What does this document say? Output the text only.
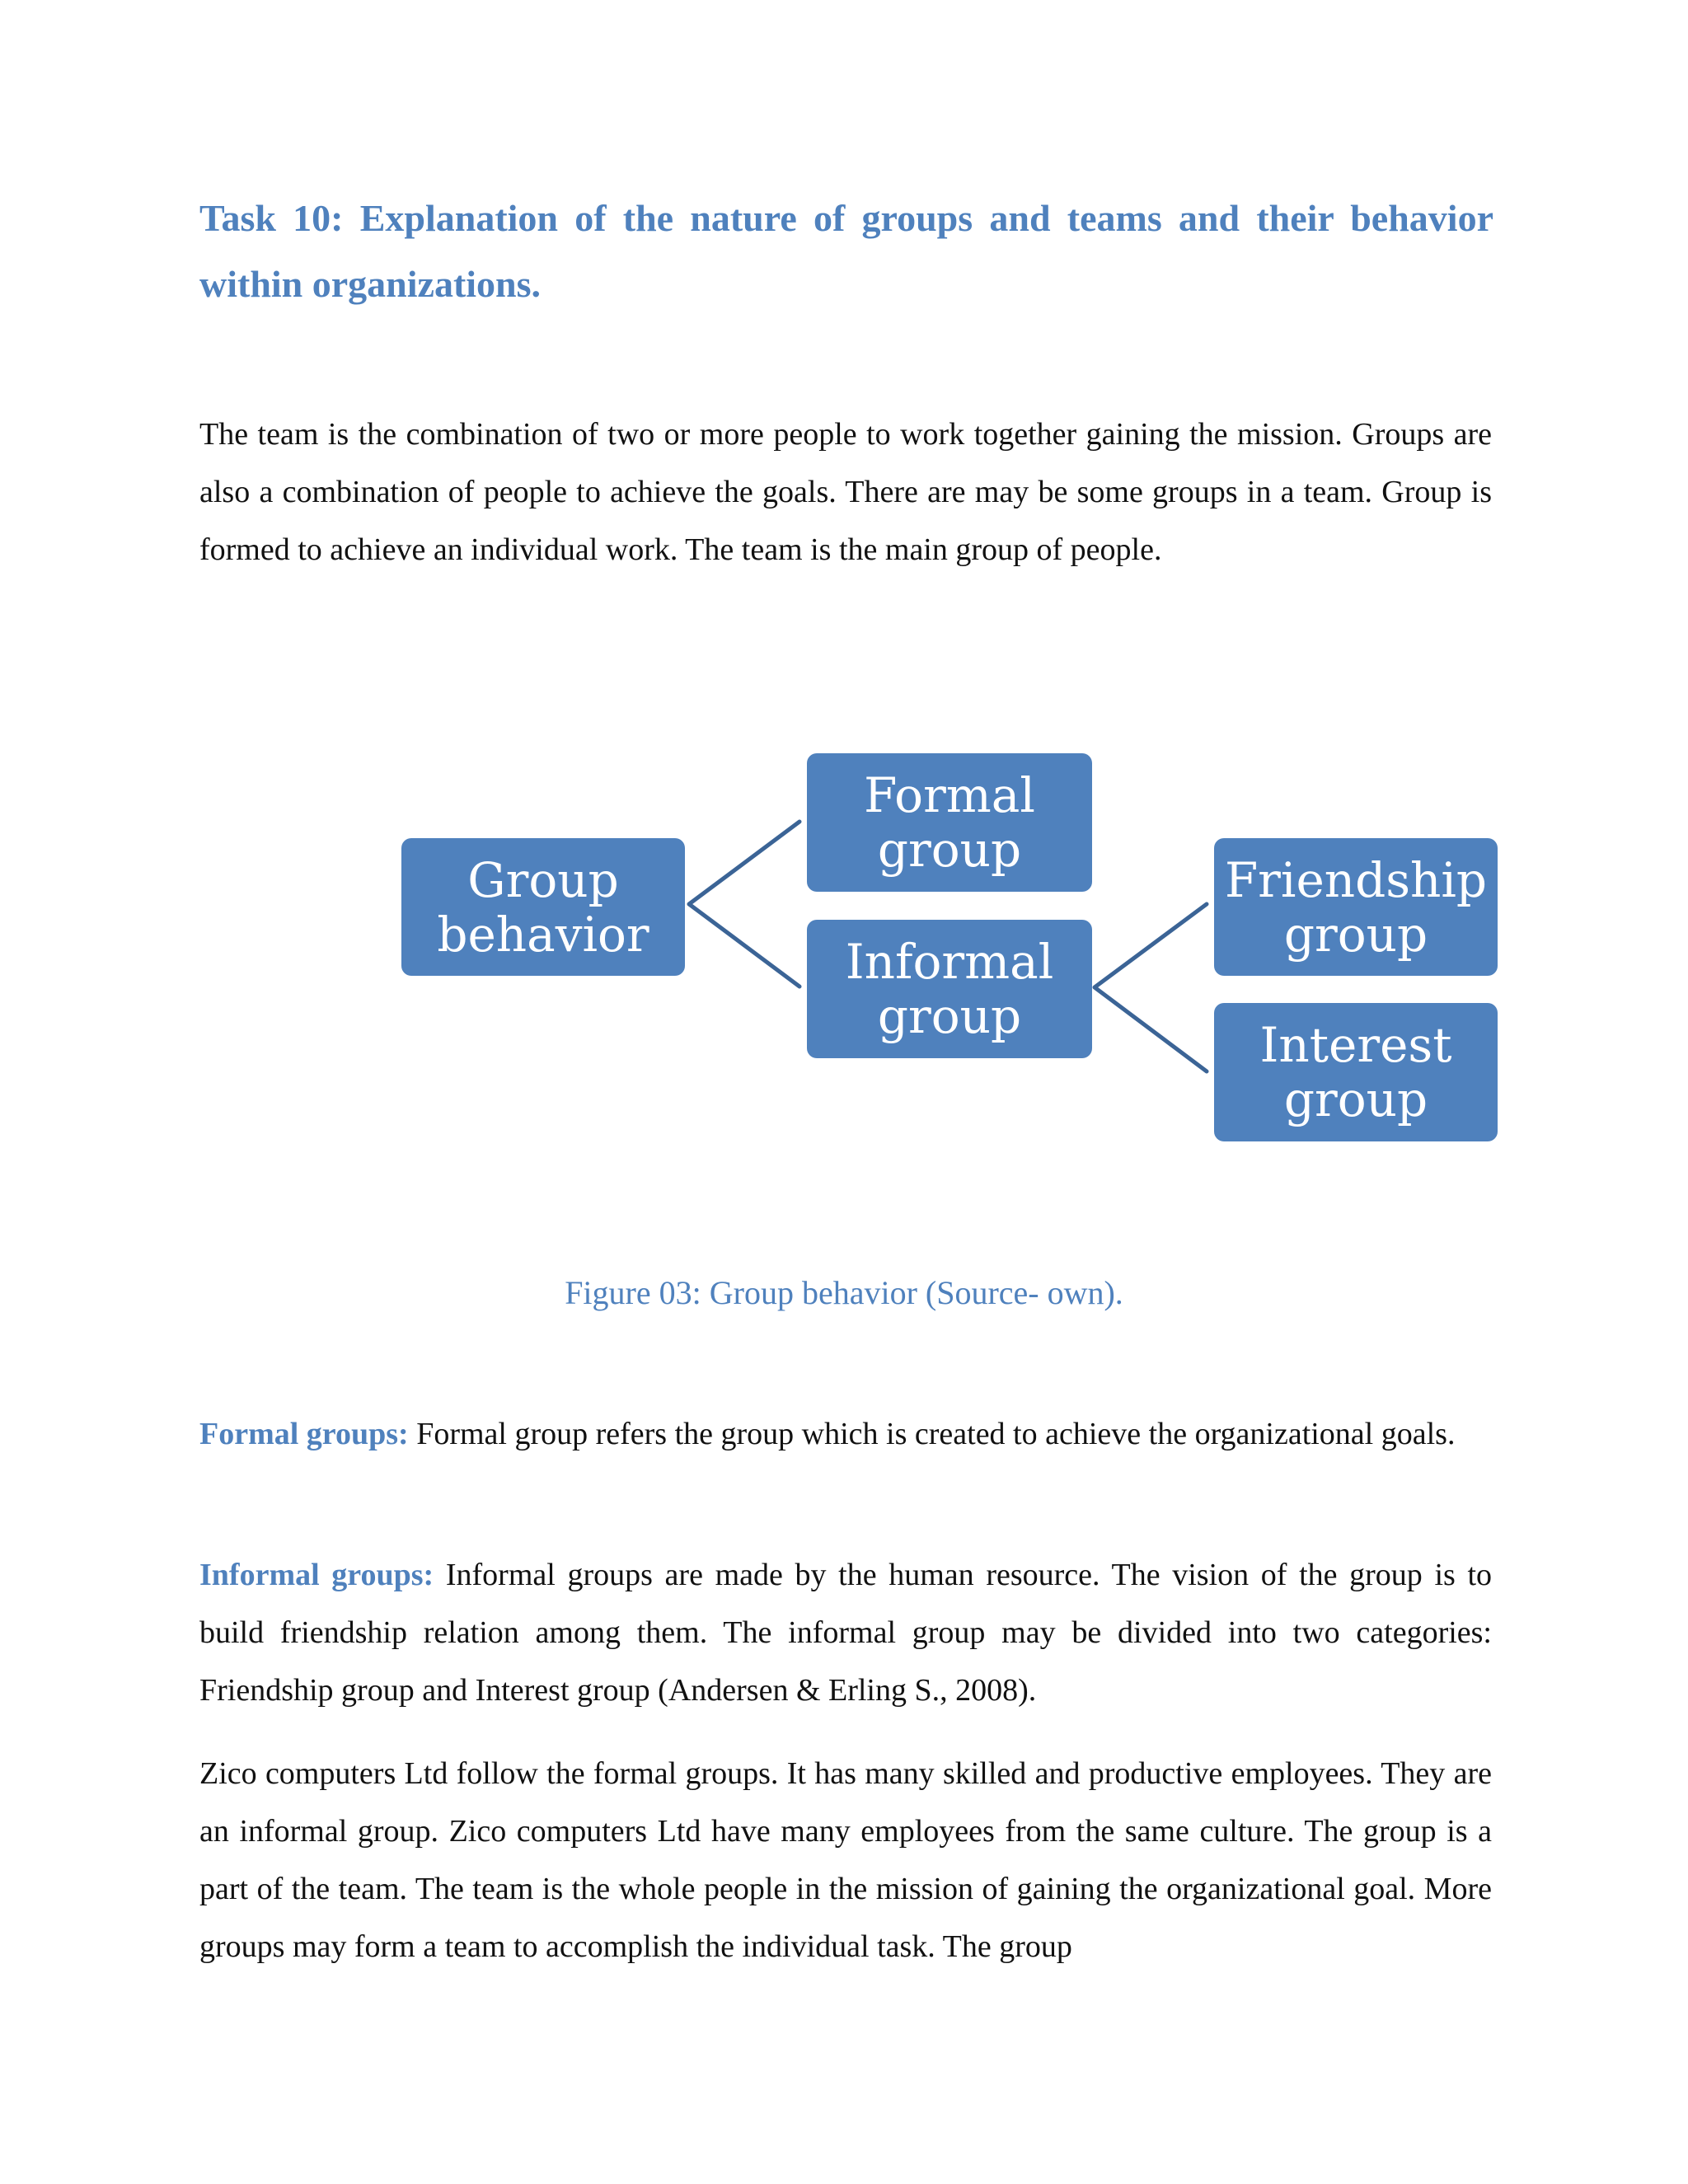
Task 10: Explanation of the nature of groups and teams and their behavior within organizations.

The team is the combination of two or more people to work together gaining the mission. Groups are also a combination of people to achieve the goals. There are may be some groups in a team. Group is formed to achieve an individual work. The team is the main group of people.

Group behavior
Formal group
Informal group
Friendship group
Interest group

Figure 03: Group behavior (Source- own).

Formal groups: Formal group refers the group which is created to achieve the organizational goals.

Informal groups: Informal groups are made by the human resource. The vision of the group is to build friendship relation among them. The informal group may be divided into two categories: Friendship group and Interest group (Andersen & Erling S., 2008).

Zico computers Ltd follow the formal groups. It has many skilled and productive employees. They are an informal group. Zico computers Ltd have many employees from the same culture. The group is a part of the team. The team is the whole people in the mission of gaining the organizational goal. More groups may form a team to accomplish the individual task. The group
